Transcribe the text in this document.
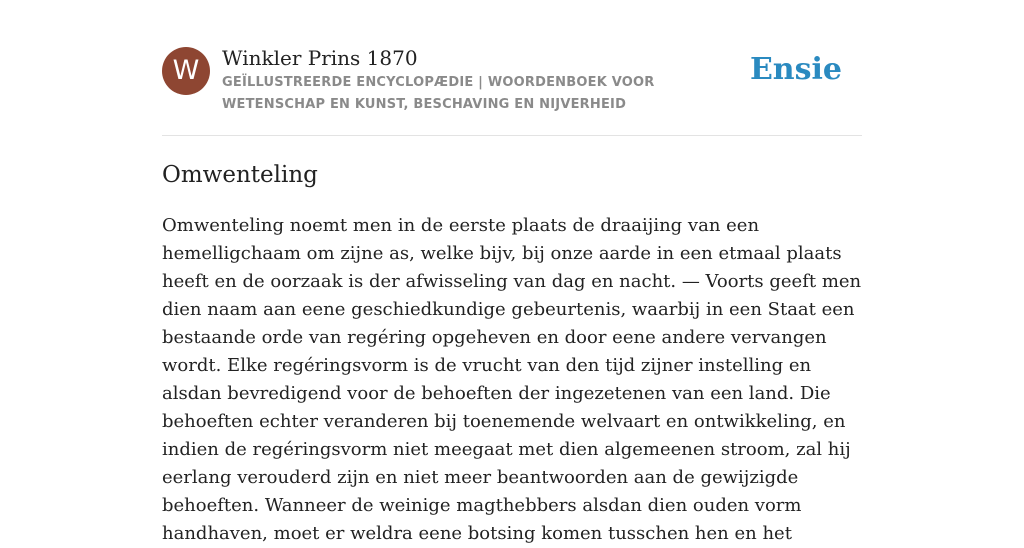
W	Winkler Prins 1870
GEÏLLUSTREERDE ENCYCLOPÆDIE | WOORDENBOEK VOOR WETENSCHAP EN KUNST, BESCHAVING EN NIJVERHEID
Ensie
Omwenteling

Omwenteling noemt men in de eerste plaats de draaijing van een hemelligchaam om zijne as, welke bijv, bij onze aarde in een etmaal plaats heeft en de oorzaak is der afwisseling van dag en nacht. — Voorts geeft men dien naam aan eene geschiedkundige gebeurtenis, waarbij in een Staat een bestaande orde van regéring opgeheven en door eene andere vervangen wordt. Elke regéringsvorm is de vrucht van den tijd zijner instelling en alsdan bevredigend voor de behoeften der ingezetenen van een land. Die behoeften echter veranderen bij toenemende welvaart en ontwikkeling, en indien de regéringsvorm niet meegaat met dien algemeenen stroom, zal hij eerlang verouderd zijn en niet meer beantwoorden aan de gewijzigde behoeften. Wanneer de weinige magthebbers alsdan dien ouden vorm handhaven, moet er weldra eene botsing komen tusschen hen en het
